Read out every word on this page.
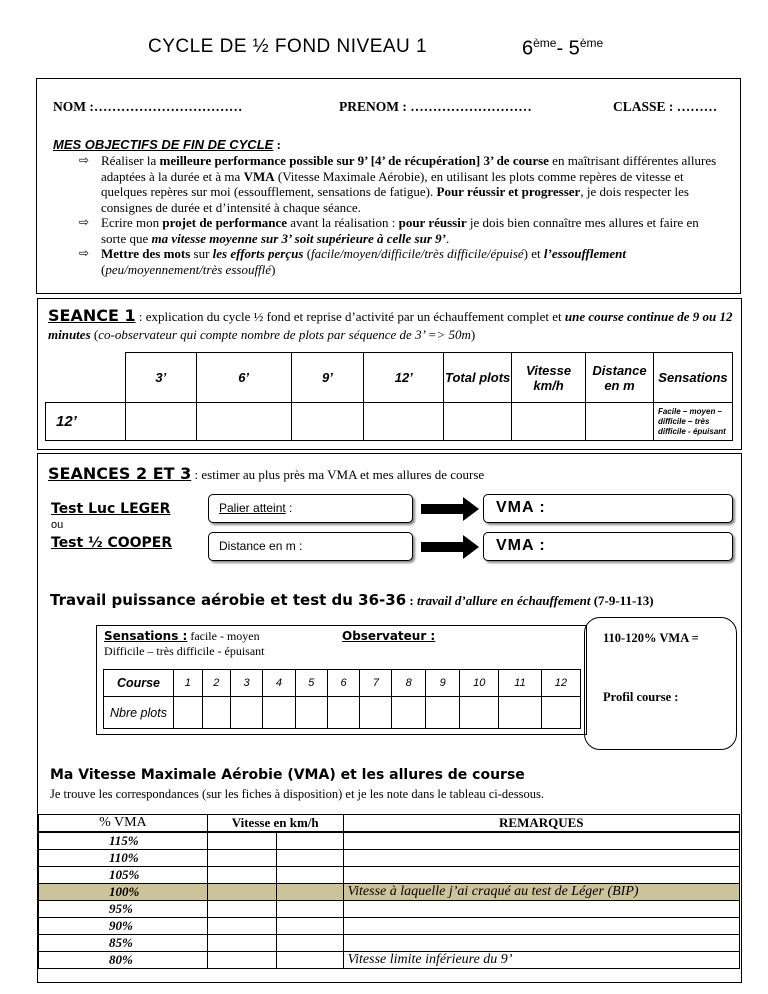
CYCLE DE ½ FOND NIVEAU 1	6ème- 5ème
NOM :……………………………	PRENOM : ………………………	CLASSE : ………
MES OBJECTIFS DE FIN DE CYCLE :
⇨ Réaliser la meilleure performance possible sur 9’ [4’ de récupération] 3’ de course en maîtrisant différentes allures adaptées à la durée et à ma VMA (Vitesse Maximale Aérobie), en utilisant les plots comme repères de vitesse et quelques repères sur moi (essoufflement, sensations de fatigue). Pour réussir et progresser, je dois respecter les consignes de durée et d’intensité à chaque séance.
⇨ Ecrire mon projet de performance avant la réalisation : pour réussir je dois bien connaître mes allures et faire en sorte que ma vitesse moyenne sur 3’ soit supérieure à celle sur 9’.
⇨ Mettre des mots sur les efforts perçus (facile/moyen/difficile/très difficile/épuisé) et l’essoufflement (peu/moyennement/très essoufflé)
SEANCE 1 : explication du cycle ½ fond et reprise d’activité par un échauffement complet et une course continue de 9 ou 12 minutes (co-observateur qui compte nombre de plots par séquence de 3’ => 50m)
	3’	6’	9’	12’	Total plots	Vitesse km/h	Distance en m	Sensations
12’								Facile – moyen – difficile – très difficile - épuisant
SEANCES 2 ET 3 : estimer au plus près ma VMA et mes allures de course
Test Luc LEGER
ou
Test ½ COOPER
Palier atteint :
Distance en m :
VMA :
VMA :
Travail puissance aérobie et test du 36-36 : travail d’allure en échauffement (7-9-11-13)
Sensations : facile - moyen
Difficile – très difficile - épuisant
Observateur :
Course	1	2	3	4	5	6	7	8	9	10	11	12
Nbre plots												
110-120% VMA =
Profil course :
Ma Vitesse Maximale Aérobie (VMA) et les allures de course
Je trouve les correspondances (sur les fiches à disposition) et je les note dans le tableau ci-dessous.
% VMA	Vitesse en km/h	REMARQUES
115%			
110%			
105%			
100%			Vitesse à laquelle j’ai craqué au test de Léger (BIP)
95%			
90%			
85%			
80%			Vitesse limite inférieure du 9’
